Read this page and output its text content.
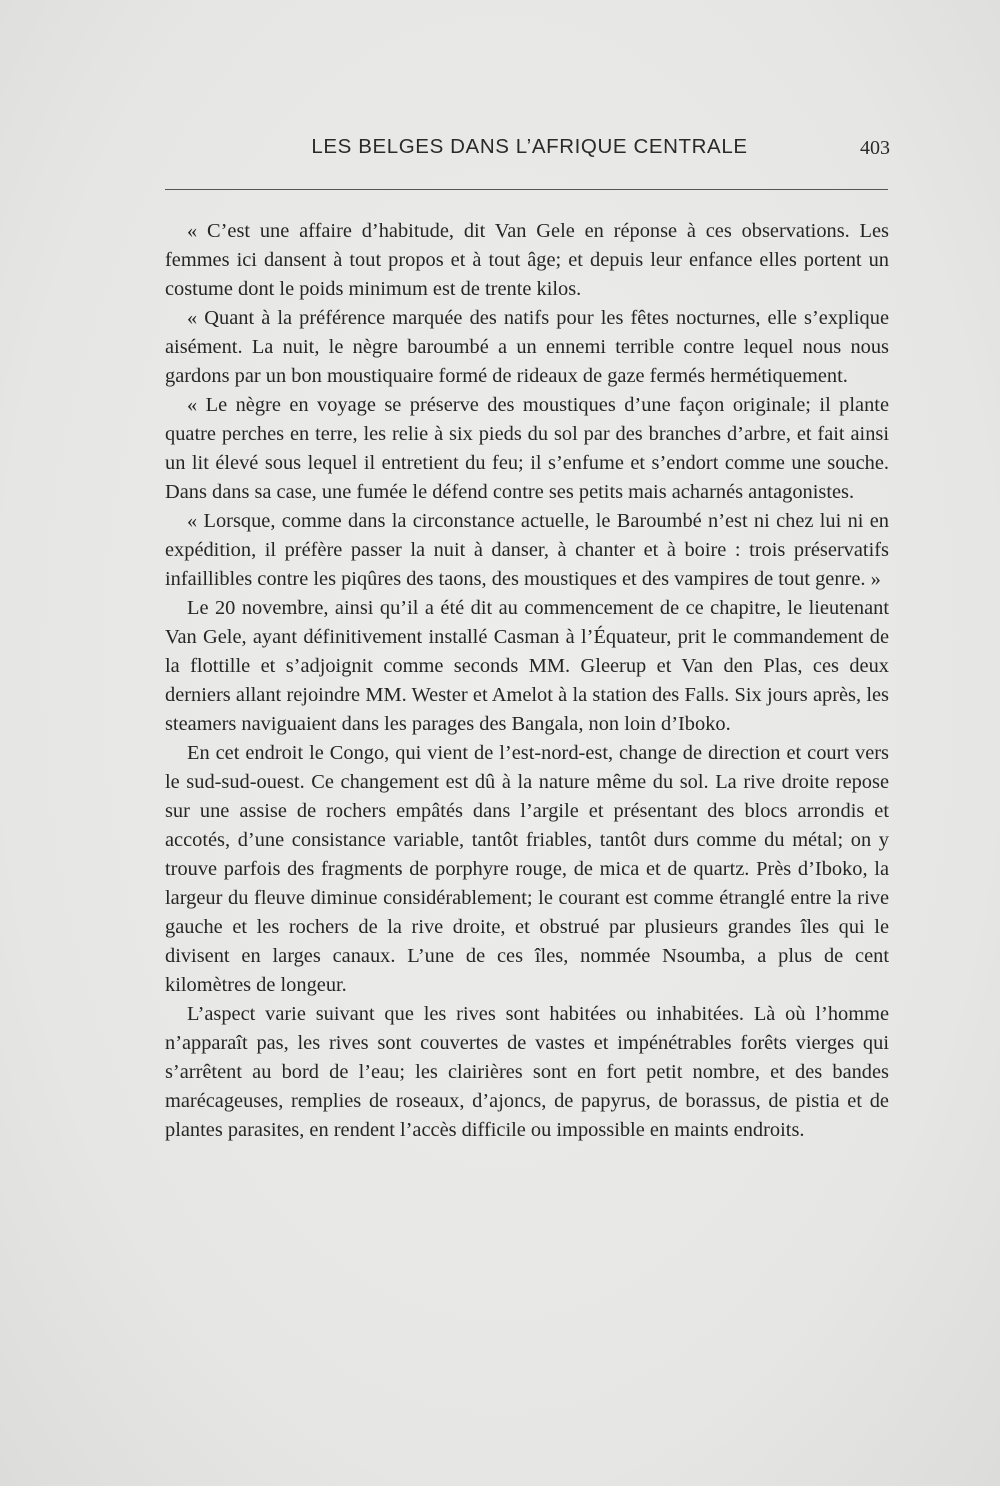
LES BELGES DANS L’AFRIQUE CENTRALE	403

« C’est une affaire d’habitude, dit Van Gele en réponse à ces observations. Les femmes ici dansent à tout propos et à tout âge; et depuis leur enfance elles portent un costume dont le poids minimum est de trente kilos.

« Quant à la préférence marquée des natifs pour les fêtes nocturnes, elle s’explique aisément. La nuit, le nègre baroumbé a un ennemi terrible contre lequel nous nous gardons par un bon moustiquaire formé de rideaux de gaze fermés hermétiquement.

« Le nègre en voyage se préserve des moustiques d’une façon originale; il plante quatre perches en terre, les relie à six pieds du sol par des branches d’arbre, et fait ainsi un lit élevé sous lequel il entretient du feu; il s’enfume et s’endort comme une souche. Dans dans sa case, une fumée le défend contre ses petits mais acharnés antagonistes.

« Lorsque, comme dans la circonstance actuelle, le Baroumbé n’est ni chez lui ni en expédition, il préfère passer la nuit à danser, à chanter et à boire : trois préservatifs infaillibles contre les piqûres des taons, des moustiques et des vampires de tout genre. »

Le 20 novembre, ainsi qu’il a été dit au commencement de ce chapitre, le lieutenant Van Gele, ayant définitivement installé Casman à l’Équateur, prit le commandement de la flottille et s’adjoignit comme seconds MM. Gleerup et Van den Plas, ces deux derniers allant rejoindre MM. Wester et Amelot à la station des Falls. Six jours après, les steamers naviguaient dans les parages des Bangala, non loin d’Iboko.

En cet endroit le Congo, qui vient de l’est-nord-est, change de direction et court vers le sud-sud-ouest. Ce changement est dû à la nature même du sol. La rive droite repose sur une assise de rochers empâtés dans l’argile et présentant des blocs arrondis et accotés, d’une consistance variable, tantôt friables, tantôt durs comme du métal; on y trouve parfois des fragments de porphyre rouge, de mica et de quartz. Près d’Iboko, la largeur du fleuve diminue considérablement; le courant est comme étranglé entre la rive gauche et les rochers de la rive droite, et obstrué par plusieurs grandes îles qui le divisent en larges canaux. L’une de ces îles, nommée Nsoumba, a plus de cent kilomètres de longeur.

L’aspect varie suivant que les rives sont habitées ou inhabitées. Là où l’homme n’apparaît pas, les rives sont couvertes de vastes et impénétrables forêts vierges qui s’arrêtent au bord de l’eau; les clairières sont en fort petit nombre, et des bandes marécageuses, remplies de roseaux, d’ajoncs, de papyrus, de borassus, de pistia et de plantes parasites, en rendent l’accès difficile ou impossible en maints endroits.
